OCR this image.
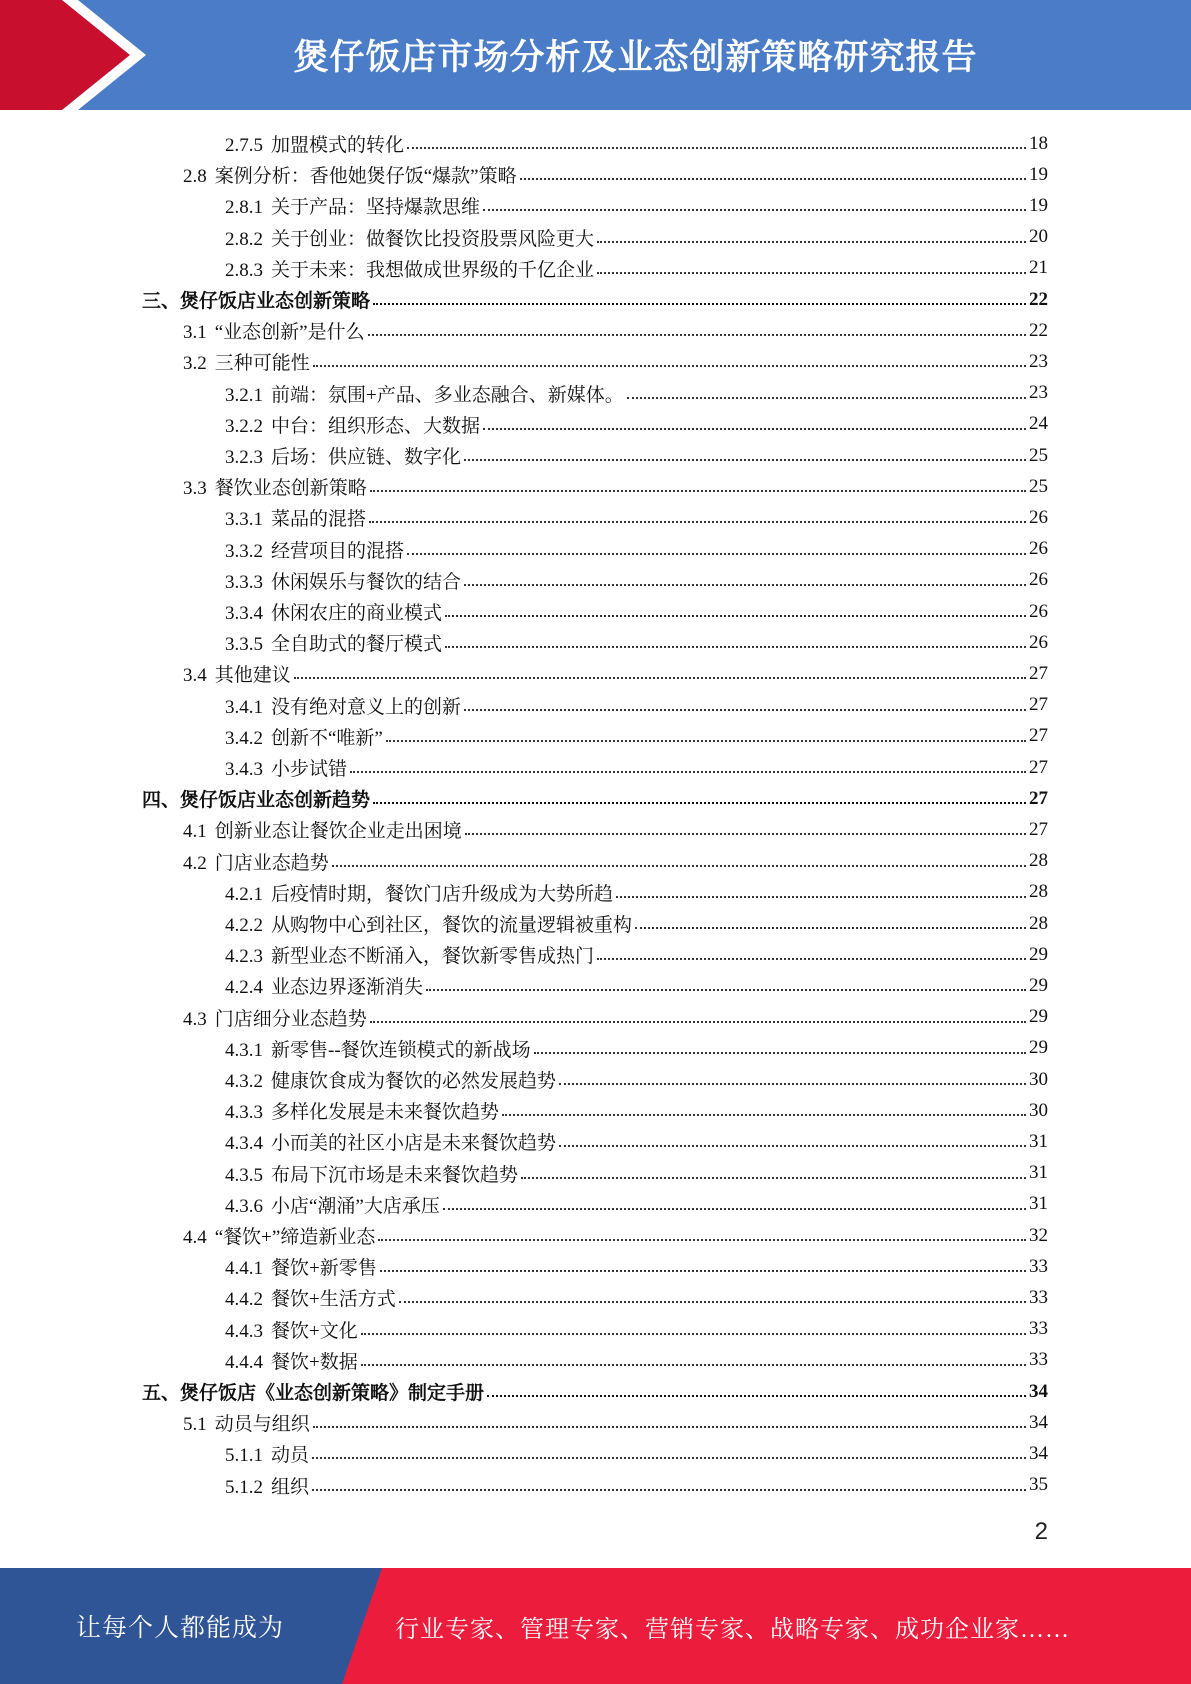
煲仔饭店市场分析及业态创新策略研究报告
2.7.5 加盟模式的转化	18
2.8 案例分析：香他她煲仔饭“爆款”策略	19
2.8.1 关于产品：坚持爆款思维	19
2.8.2 关于创业：做餐饮比投资股票风险更大	20
2.8.3 关于未来：我想做成世界级的千亿企业	21
三、煲仔饭店业态创新策略	22
3.1 “业态创新”是什么	22
3.2 三种可能性	23
3.2.1 前端：氛围+产品、多业态融合、新媒体。	23
3.2.2 中台：组织形态、大数据	24
3.2.3 后场：供应链、数字化	25
3.3 餐饮业态创新策略	25
3.3.1 菜品的混搭	26
3.3.2 经营项目的混搭	26
3.3.3 休闲娱乐与餐饮的结合	26
3.3.4 休闲农庄的商业模式	26
3.3.5 全自助式的餐厅模式	26
3.4 其他建议	27
3.4.1 没有绝对意义上的创新	27
3.4.2 创新不“唯新”	27
3.4.3 小步试错	27
四、煲仔饭店业态创新趋势	27
4.1 创新业态让餐饮企业走出困境	27
4.2 门店业态趋势	28
4.2.1 后疫情时期，餐饮门店升级成为大势所趋	28
4.2.2 从购物中心到社区，餐饮的流量逻辑被重构	28
4.2.3 新型业态不断涌入，餐饮新零售成热门	29
4.2.4 业态边界逐渐消失	29
4.3 门店细分业态趋势	29
4.3.1 新零售--餐饮连锁模式的新战场	29
4.3.2 健康饮食成为餐饮的必然发展趋势	30
4.3.3 多样化发展是未来餐饮趋势	30
4.3.4 小而美的社区小店是未来餐饮趋势	31
4.3.5 布局下沉市场是未来餐饮趋势	31
4.3.6 小店“潮涌”大店承压	31
4.4 “餐饮+”缔造新业态	32
4.4.1 餐饮+新零售	33
4.4.2 餐饮+生活方式	33
4.4.3 餐饮+文化	33
4.4.4 餐饮+数据	33
五、煲仔饭店《业态创新策略》制定手册	34
5.1 动员与组织	34
5.1.1 动员	34
5.1.2 组织	35
2
让每个人都能成为	行业专家、管理专家、营销专家、战略专家、成功企业家……
